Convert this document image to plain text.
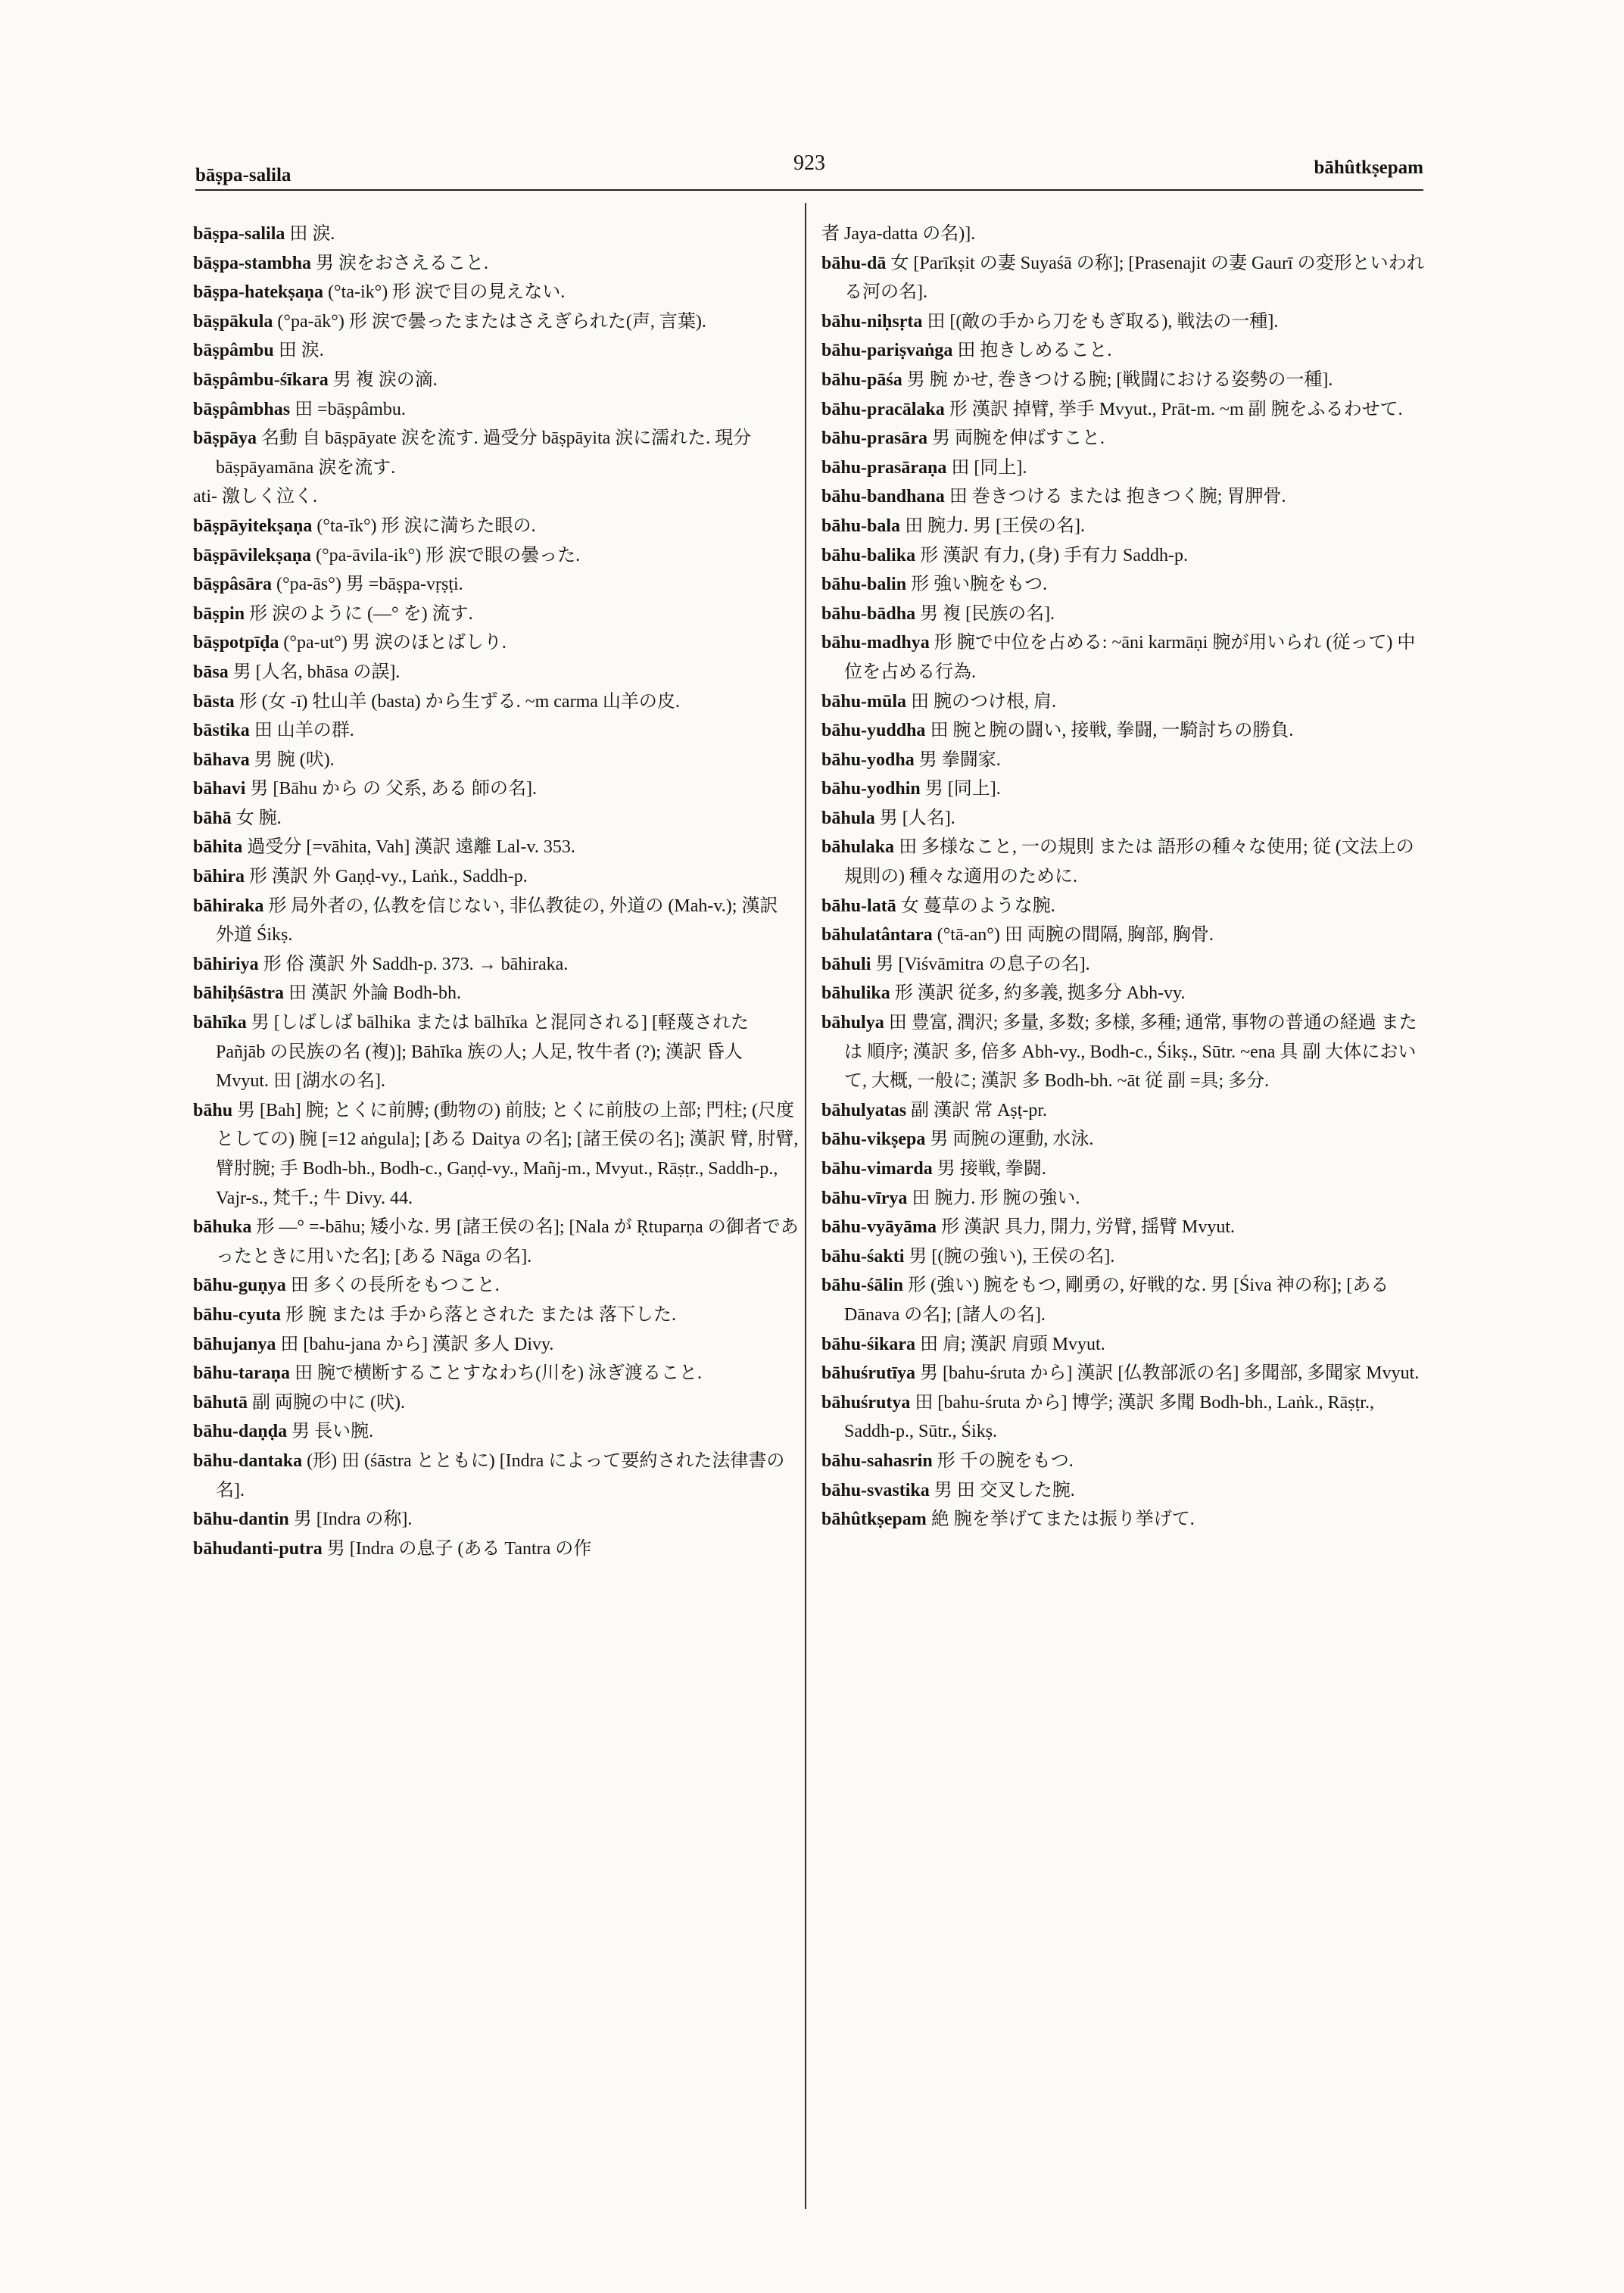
bāṣpa-salila
923	bāhûtkṣepam

bāṣpa-salila 田 涙.

bāṣpa-stambha 男 涙をおさえること.

bāṣpa-hatekṣaṇa (°ta-ik°) 形 涙で目の見えない.

bāṣpākula (°pa-āk°) 形 涙で曇ったまたはさえぎられた(声, 言葉).

bāṣpâmbu 田 涙.

bāṣpâmbu-śīkara 男 複 涙の滴.

bāṣpâmbhas 田 =bāṣpâmbu.

bāṣpāya 名動 自 bāṣpāyate 涙を流す. 過受分 bāṣpāyita 涙に濡れた. 現分 bāṣpāyamāna 涙を流す.

ati- 激しく泣く.

bāṣpāyitekṣaṇa (°ta-īk°) 形 涙に満ちた眼の.

bāṣpāvilekṣaṇa (°pa-āvila-ik°) 形 涙で眼の曇った.

bāṣpâsāra (°pa-ās°) 男 =bāṣpa-vṛṣṭi.

bāṣpin 形 涙のように (—° を) 流す.

bāṣpotpīḍa (°pa-ut°) 男 涙のほとばしり.

bāsa 男 [人名, bhāsa の誤].

bāsta 形 (女 -ī) 牡山羊 (basta) から生ずる. ~m carma 山羊の皮.

bāstika 田 山羊の群.

bāhava 男 腕 (吠).

bāhavi 男 [Bāhu から の 父系, ある 師の名].

bāhā 女 腕.

bāhita 過受分 [=vāhita, Vah] 漢訳 遠離 Lal-v. 353.

bāhira 形 漢訳 外 Gaṇḍ-vy., Laṅk., Saddh-p.

bāhiraka 形 局外者の, 仏教を信じない, 非仏教徒の, 外道の (Mah-v.); 漢訳 外道 Śikṣ.

bāhiriya 形 俗 漢訳 外 Saddh-p. 373. → bāhiraka.

bāhiḥśāstra 田 漢訳 外論 Bodh-bh.

bāhīka 男 [しばしば bālhika または bālhīka と混同される] [軽蔑された Pañjāb の民族の名 (複)]; Bāhīka 族の人; 人足, 牧牛者 (?); 漢訳 昏人 Mvyut. 田 [湖水の名].

bāhu 男 [Bah] 腕; とくに前膊; (動物の) 前肢; とくに前肢の上部; 門柱; (尺度としての) 腕 [=12 aṅgula]; [ある Daitya の名]; [諸王侯の名]; 漢訳 臂, 肘臂, 臂肘腕; 手 Bodh-bh., Bodh-c., Gaṇḍ-vy., Mañj-m., Mvyut., Rāṣṭr., Saddh-p., Vajr-s., 梵千.; 牛 Divy. 44.

bāhuka 形 —° =-bāhu; 矮小な. 男 [諸王侯の名]; [Nala が Ṛtuparṇa の御者であったときに用いた名]; [ある Nāga の名].

bāhu-guṇya 田 多くの長所をもつこと.

bāhu-cyuta 形 腕 または 手から落とされた または 落下した.

bāhujanya 田 [bahu-jana から] 漢訳 多人 Divy.

bāhu-taraṇa 田 腕で横断することすなわち(川を) 泳ぎ渡ること.

bāhutā 副 両腕の中に (吠).

bāhu-daṇḍa 男 長い腕.

bāhu-dantaka (形) 田 (śāstra とともに) [Indra によって要約された法律書の名].

bāhu-dantin 男 [Indra の称].

bāhudanti-putra 男 [Indra の息子 (ある Tantra の作

者 Jaya-datta の名)].

bāhu-dā 女 [Parīkṣit の妻 Suyaśā の称]; [Prasenajit の妻 Gaurī の変形といわれる河の名].

bāhu-niḥsṛta 田 [(敵の手から刀をもぎ取る), 戦法の一種].

bāhu-pariṣvaṅga 田 抱きしめること.

bāhu-pāśa 男 腕 かせ, 巻きつける腕; [戦闘における姿勢の一種].

bāhu-pracālaka 形 漢訳 掉臂, 挙手 Mvyut., Prāt-m. ~m 副 腕をふるわせて.

bāhu-prasāra 男 両腕を伸ばすこと.

bāhu-prasāraṇa 田 [同上].

bāhu-bandhana 田 巻きつける または 抱きつく腕; 胃胛骨.

bāhu-bala 田 腕力. 男 [王侯の名].

bāhu-balika 形 漢訳 有力, (身) 手有力 Saddh-p.

bāhu-balin 形 強い腕をもつ.

bāhu-bādha 男 複 [民族の名].

bāhu-madhya 形 腕で中位を占める: ~āni karmāṇi 腕が用いられ (従って) 中位を占める行為.

bāhu-mūla 田 腕のつけ根, 肩.

bāhu-yuddha 田 腕と腕の闘い, 接戦, 拳闘, 一騎討ちの勝負.

bāhu-yodha 男 拳闘家.

bāhu-yodhin 男 [同上].

bāhula 男 [人名].

bāhulaka 田 多様なこと, 一の規則 または 語形の種々な使用; 従 (文法上の規則の) 種々な適用のために.

bāhu-latā 女 蔓草のような腕.

bāhulatântara (°tā-an°) 田 両腕の間隔, 胸部, 胸骨.

bāhuli 男 [Viśvāmitra の息子の名].

bāhulika 形 漢訳 従多, 約多義, 拠多分 Abh-vy.

bāhulya 田 豊富, 潤沢; 多量, 多数; 多様, 多種; 通常, 事物の普通の経過 または 順序; 漢訳 多, 倍多 Abh-vy., Bodh-c., Śikṣ., Sūtr. ~ena 具 副 大体において, 大概, 一般に; 漢訳 多 Bodh-bh. ~āt 従 副 =具; 多分.

bāhulyatas 副 漢訳 常 Aṣṭ-pr.

bāhu-vikṣepa 男 両腕の運動, 水泳.

bāhu-vimarda 男 接戦, 拳闘.

bāhu-vīrya 田 腕力. 形 腕の強い.

bāhu-vyāyāma 形 漢訳 具力, 開力, 労臂, 揺臂 Mvyut.

bāhu-śakti 男 [(腕の強い), 王侯の名].

bāhu-śālin 形 (強い) 腕をもつ, 剛勇の, 好戦的な. 男 [Śiva 神の称]; [ある Dānava の名]; [諸人の名].

bāhu-śikara 田 肩; 漢訳 肩頭 Mvyut.

bāhuśrutīya 男 [bahu-śruta から] 漢訳 [仏教部派の名] 多聞部, 多聞家 Mvyut.

bāhuśrutya 田 [bahu-śruta から] 博学; 漢訳 多聞 Bodh-bh., Laṅk., Rāṣṭr., Saddh-p., Sūtr., Śikṣ.

bāhu-sahasrin 形 千の腕をもつ.

bāhu-svastika 男 田 交叉した腕.

bāhûtkṣepam 絶 腕を挙げてまたは振り挙げて.
